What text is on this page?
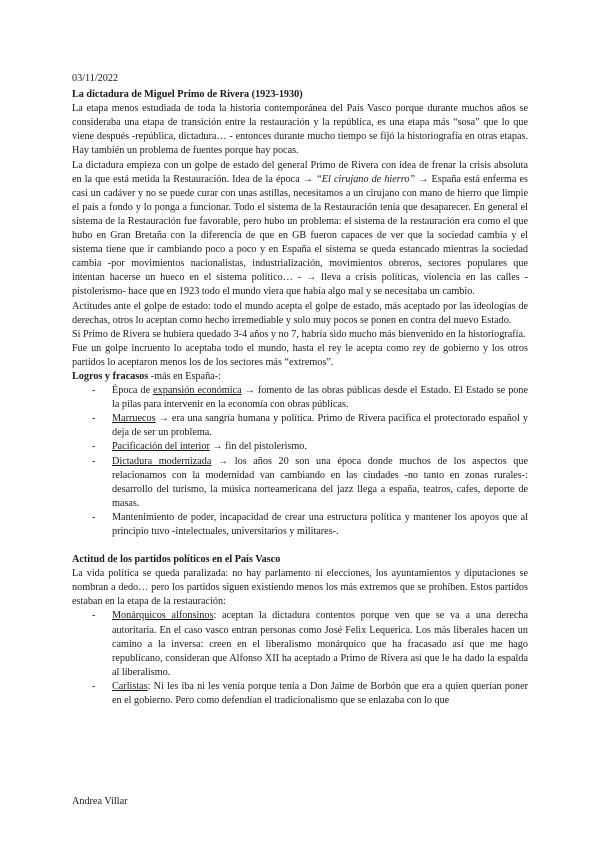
03/11/2022

La dictadura de Miguel Primo de Rivera (1923-1930)

La etapa menos estudiada de toda la historia contemporánea del País Vasco porque durante muchos años se consideraba una etapa de transición entre la restauración y la república, es una etapa más “sosa” que lo que viene después -república, dictadura… - entonces durante mucho tiempo se fijó la historiografía en otras etapas. Hay también un problema de fuentes porque hay pocas.

La dictadura empieza con un golpe de estado del general Primo de Rivera con idea de frenar la crisis absoluta en la que está metida la Restauración. Idea de la época → “El cirujano de hierro” → España está enferma es casi un cadáver y no se puede curar con unas astillas, necesitamos a un cirujano con mano de hierro que limpie el país a fondo y lo ponga a funcionar. Todo el sistema de la Restauración tenía que desaparecer. En general el sistema de la Restauración fue favorable, pero hubo un problema: el sistema de la restauración era como el que hubo en Gran Bretaña con la diferencia de que en GB fueron capaces de ver que la sociedad cambia y el sistema tiene que ir cambiando poco a poco y en España el sistema se queda estancado mientras la sociedad cambia -por movimientos nacionalistas, industrialización, movimientos obreros, sectores populares que intentan hacerse un hueco en el sistema político… - → lleva a crisis políticas, violencia en las calles -pistolerismo- hace que en 1923 todo el mundo viera que había algo mal y se necesitaba un cambio.

Actitudes ante el golpe de estado: todo el mundo acepta el golpe de estado, más aceptado por las ideologías de derechas, otros lo aceptan como hecho irremediable y solo muy pocos se ponen en contra del nuevo Estado.

Si Primo de Rivera se hubiera quedado 3-4 años y no 7, habría sido mucho más bienvenido en la historiografía.

Fue un golpe incruento lo aceptaba todo el mundo, hasta el rey le acepta como rey de gobierno y los otros partidos lo aceptaron menos los de los sectores más “extremos”.

Logros y fracasos -más en España-:

- Época de expansión económica → fomento de las obras públicas desde el Estado. El Estado se pone la pilas para intervenir en la economía con obras públicas.
- Marruecos → era una sangría humana y política. Primo de Rivera pacifica el protectorado español y deja de ser un problema.
- Pacificación del interior → fin del pistolerismo.
- Dictadura modernizada → los años 20 son una época donde muchos de los aspectos que relacionamos con la modernidad van cambiando en las ciudades -no tanto en zonas rurales-: desarrollo del turismo, la música norteamericana del jazz llega a españa, teatros, cafes, deporte de masas.
- Mantenimiento de poder, incapacidad de crear una estructura política y mantener los apoyos que al principio tuvo -intelectuales, universitarios y militares-.

Actitud de los partidos políticos en el País Vasco

La vida política se queda paralizada: no hay parlamento ni elecciones, los ayuntamientos y diputaciones se nombran a dedo… pero los partidos siguen existiendo menos los más extremos que se prohíben. Estos partidos estaban en la etapa de la restauración:

- Monárquicos alfonsinos: aceptan la dictadura contentos porque ven que se va a una derecha autoritaria. En el caso vasco entran personas como José Felix Lequerica. Los más liberales hacen un camino a la inversa: creen en el liberalismo monárquico que ha fracasado así que me hago republicano, consideran que Alfonso XII ha aceptado a Primo de Rivera así que le ha dado la espalda al liberalismo.
- Carlistas: Ni les iba ni les venía porque tenía a Don Jaime de Borbón que era a quien querían poner en el gobierno. Pero como defendían el tradicionalismo que se enlazaba con lo que
Andrea Villar
